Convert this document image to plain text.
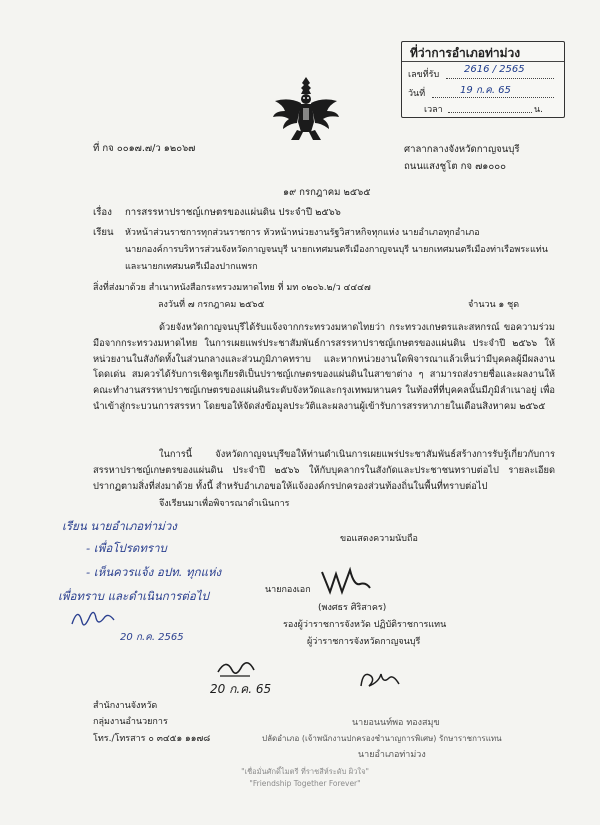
ที่ว่าการอำเภอท่าม่วง
เลขที่รับ 2616 / 2565
วันที่	19 ก.ค. 65
เวลา	น.
ที่ กจ ๐๐๑๗.๗/ว ๑๒๐๖๗	ศาลากลางจังหวัดกาญจนบุรี
ถนนแสงชูโต กจ ๗๑๐๐๐
๑๙ กรกฎาคม ๒๕๖๕
เรื่อง การสรรหาปราชญ์เกษตรของแผ่นดิน ประจำปี ๒๕๖๖
เรียน หัวหน้าส่วนราชการทุกส่วนราชการ หัวหน้าหน่วยงานรัฐวิสาหกิจทุกแห่ง นายอำเภอทุกอำเภอ
นายกองค์การบริหารส่วนจังหวัดกาญจนบุรี นายกเทศมนตรีเมืองกาญจนบุรี นายกเทศมนตรีเมืองท่าเรือพระแท่น
และนายกเทศมนตรีเมืองปากแพรก
สิ่งที่ส่งมาด้วย สำเนาหนังสือกระทรวงมหาดไทย ที่ มท ๐๒๐๖.๒/ว ๔๔๔๗
ลงวันที่ ๗ กรกฎาคม ๒๕๖๕	จำนวน ๑ ชุด
ด้วยจังหวัดกาญจนบุรีได้รับแจ้งจากกระทรวงมหาดไทยว่า กระทรวงเกษตรและสหกรณ์ ขอความร่วมมือจากกระทรวงมหาดไทย ในการเผยแพร่ประชาสัมพันธ์การสรรหาปราชญ์เกษตรของแผ่นดิน ประจำปี ๒๕๖๖ ให้หน่วยงานในสังกัดทั้งในส่วนกลางและส่วนภูมิภาคทราบ และหากหน่วยงานใดพิจารณาแล้วเห็นว่ามีบุคคลผู้มีผลงานโดดเด่น สมควรได้รับการเชิดชูเกียรติเป็นปราชญ์เกษตรของแผ่นดินในสาขาต่าง ๆ สามารถส่งรายชื่อและผลงานให้คณะทำงานสรรหาปราชญ์เกษตรของแผ่นดินระดับจังหวัดและกรุงเทพมหานคร ในท้องที่ที่บุคคลนั้นมีภูมิลำเนาอยู่ เพื่อนำเข้าสู่กระบวนการสรรหา โดยขอให้จัดส่งข้อมูลประวัติและผลงานผู้เข้ารับการสรรหาภายในเดือนสิงหาคม ๒๕๖๕
ในการนี้ จังหวัดกาญจนบุรีขอให้ท่านดำเนินการเผยแพร่ประชาสัมพันธ์สร้างการรับรู้เกี่ยวกับการสรรหาปราชญ์เกษตรของแผ่นดิน ประจำปี ๒๕๖๖ ให้กับบุคลากรในสังกัดและประชาชนทราบต่อไป รายละเอียดปรากฏตามสิ่งที่ส่งมาด้วย ทั้งนี้ สำหรับอำเภอขอให้แจ้งองค์กรปกครองส่วนท้องถิ่นในพื้นที่ทราบต่อไป
จึงเรียนมาเพื่อพิจารณาดำเนินการ
ขอแสดงความนับถือ
เรียน นายอำเภอท่าม่วง
- เพื่อโปรดทราบ
- เห็นควรแจ้ง อปท. ทุกแห่ง
เพื่อทราบ และดำเนินการต่อไป
20 ก.ค. 2565
นายกองเอก
(พงศธร ศิริสาคร)
รองผู้ว่าราชการจังหวัด ปฏิบัติราชการแทน
ผู้ว่าราชการจังหวัดกาญจนบุรี
20 ก.ค. 65
นายอนนท์พอ ทองสมุข
ปลัดอำเภอ (เจ้าพนักงานปกครองชำนาญการพิเศษ) รักษาราชการแทน
นายอำเภอท่าม่วง
สำนักงานจังหวัด
กลุ่มงานอำนวยการ
โทร./โทรสาร ๐ ๓๔๕๑ ๑๑๗๘
"เชื่อมั่นศักดิ์ไมตรี ที่ราชสีห์ระดับ ผิวใจ"
"Friendship Together Forever"
